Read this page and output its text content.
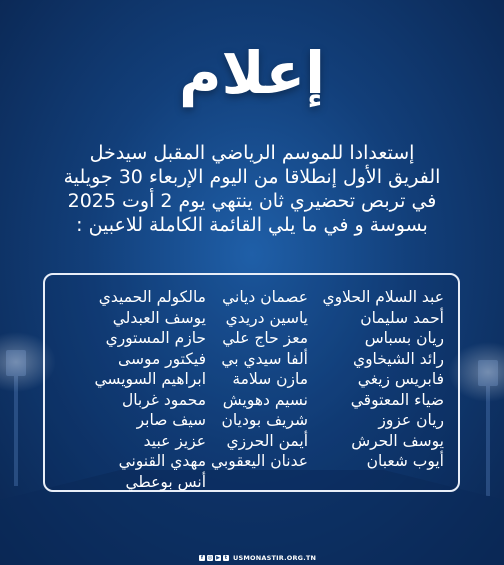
إعلام
إستعدادا للموسم الرياضي المقبل سيدخل
الفريق الأول إنطلاقا من اليوم الإربعاء 30 جويلية
في تربص تحضيري ثان ينتهي يوم 2 أوت 2025
بسوسة و في ما يلي القائمة الكاملة للاعبين :
عبد السلام الحلاوي
أحمد سليمان
ريان بسباس
رائد الشيخاوي
فابريس زيغي
ضياء المعتوقي
ريان عزوز
يوسف الحرش
أيوب شعبان
عصمان دياني
ياسين دريدي
معز حاج علي
ألفا سيدي بي
مازن سلامة
نسيم دهويش
شريف بوديان
أيمن الحرزي
عدنان اليعقوبي
مالكولم الحميدي
يوسف العبدلي
حازم المستوري
فيكتور موسى
ابراهيم السويسي
محمود غربال
سيف صابر
عزيز عبيد
مهدي القنوني
أنس بوعطي
f ◎ ▶ t USMONASTIR.ORG.TN
